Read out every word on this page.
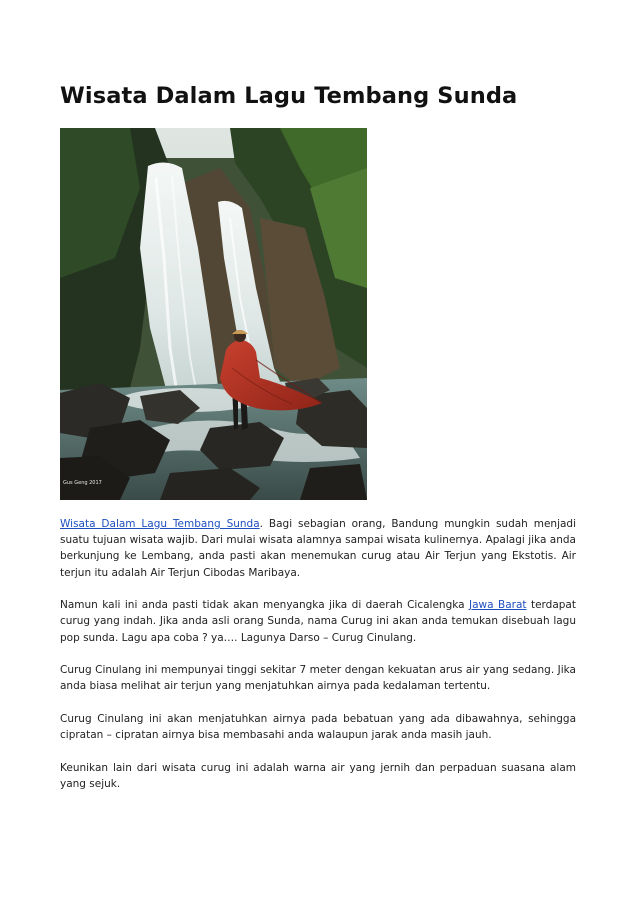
Wisata Dalam Lagu Tembang Sunda
Gus Geng 2017

Wisata Dalam Lagu Tembang Sunda. Bagi sebagian orang, Bandung mungkin sudah menjadi suatu tujuan wisata wajib. Dari mulai wisata alamnya sampai wisata kulinernya. Apalagi jika anda berkunjung ke Lembang, anda pasti akan menemukan curug atau Air Terjun yang Ekstotis. Air terjun itu adalah Air Terjun Cibodas Maribaya.

Namun kali ini anda pasti tidak akan menyangka jika di daerah Cicalengka Jawa Barat terdapat curug yang indah. Jika anda asli orang Sunda, nama Curug ini akan anda temukan disebuah lagu pop sunda. Lagu apa coba ? ya…. Lagunya Darso – Curug Cinulang.

Curug Cinulang ini mempunyai tinggi sekitar 7 meter dengan kekuatan arus air yang sedang. Jika anda biasa melihat air terjun yang menjatuhkan airnya pada kedalaman tertentu.

Curug Cinulang ini akan menjatuhkan airnya pada bebatuan yang ada dibawahnya, sehingga cipratan – cipratan airnya bisa membasahi anda walaupun jarak anda masih jauh.

Keunikan lain dari wisata curug ini adalah warna air yang jernih dan perpaduan suasana alam yang sejuk.
